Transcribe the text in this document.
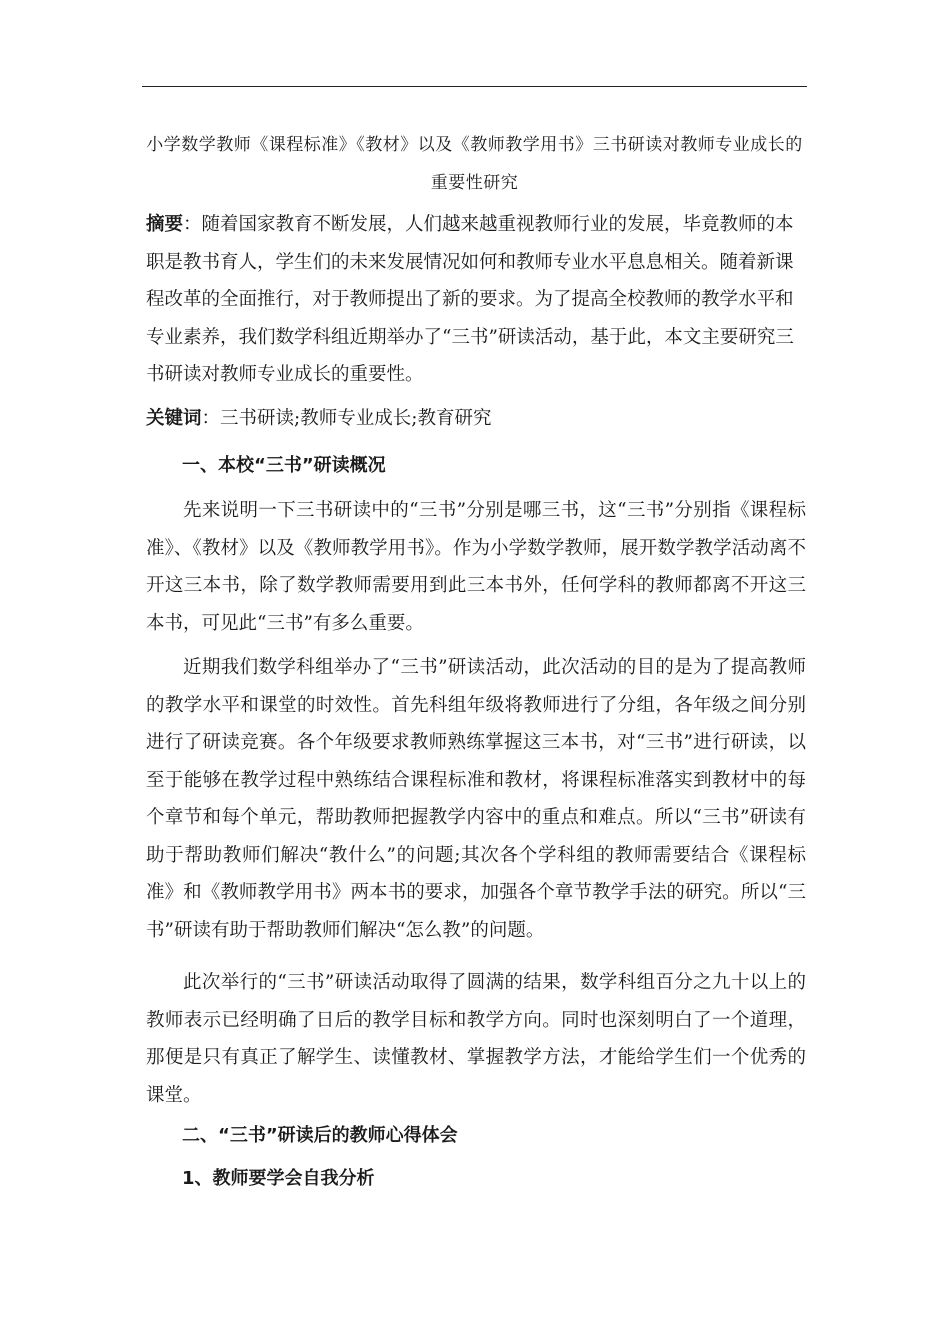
小学数学教师《课程标准》《教材》以及《教师教学用书》三书研读对教师专业成长的重要性研究
摘要：随着国家教育不断发展，人们越来越重视教师行业的发展，毕竟教师的本职是教书育人，学生们的未来发展情况如何和教师专业水平息息相关。随着新课程改革的全面推行，对于教师提出了新的要求。为了提高全校教师的教学水平和专业素养，我们数学科组近期举办了“三书”研读活动，基于此，本文主要研究三书研读对教师专业成长的重要性。
关键词：三书研读;教师专业成长;教育研究
一、本校“三书”研读概况
先来说明一下三书研读中的“三书”分别是哪三书，这“三书”分别指《课程标准》、《教材》以及《教师教学用书》。作为小学数学教师，展开数学教学活动离不开这三本书，除了数学教师需要用到此三本书外，任何学科的教师都离不开这三本书，可见此“三书”有多么重要。
近期我们数学科组举办了“三书”研读活动，此次活动的目的是为了提高教师的教学水平和课堂的时效性。首先科组年级将教师进行了分组，各年级之间分别进行了研读竞赛。各个年级要求教师熟练掌握这三本书，对“三书”进行研读，以至于能够在教学过程中熟练结合课程标准和教材，将课程标准落实到教材中的每个章节和每个单元，帮助教师把握教学内容中的重点和难点。所以“三书”研读有助于帮助教师们解决“教什么”的问题;其次各个学科组的教师需要结合《课程标准》和《教师教学用书》两本书的要求，加强各个章节教学手法的研究。所以“三书”研读有助于帮助教师们解决“怎么教”的问题。
此次举行的“三书”研读活动取得了圆满的结果，数学科组百分之九十以上的教师表示已经明确了日后的教学目标和教学方向。同时也深刻明白了一个道理，那便是只有真正了解学生、读懂教材、掌握教学方法，才能给学生们一个优秀的课堂。
二、“三书”研读后的教师心得体会
1、教师要学会自我分析
